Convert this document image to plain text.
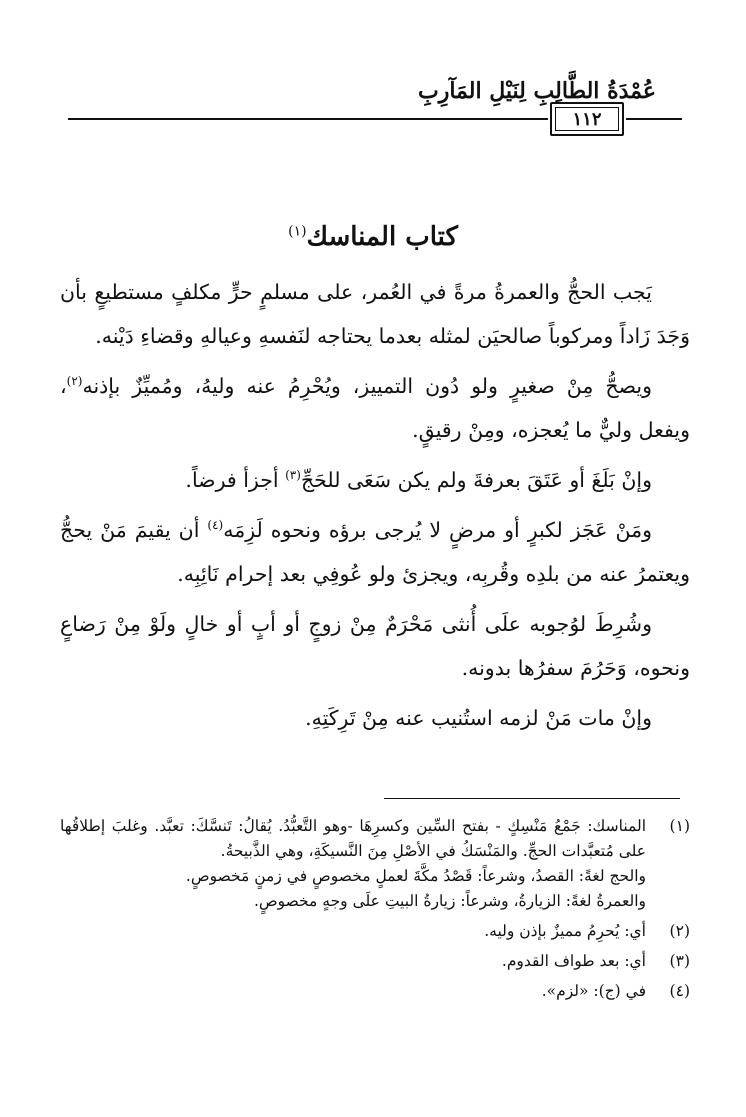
عُمْدَةُ الطَّالِبِ لِنَيْلِ المَآرِبِ
١١٢
كتاب المناسك$^{(١)}$

يَجب الحجُّ والعمرةُ مرةً في العُمر، على مسلمٍ حرٍّ مكلفٍ مستطيعٍ بأن وَجَدَ زَاداً ومركوباً صالحيَن لمثله بعدما يحتاجه لنَفسهِ وعيالهِ وقضاءِ دَيْنه.

ويصحُّ مِنْ صغيرٍ ولو دُون التمييز، ويُحْرِمُ عنه وليهُ، ومُميِّزٌ بإذنه$^{(٢)}$، ويفعل وليٌّ ما يُعجزه، ومِنْ رقيقٍ.

وإنْ بَلَغَ أو عَتَقَ بعرفةَ ولم يكن سَعَى للحَجِّ$^{(٣)}$ أجزأ فرضاً.

ومَنْ عَجَز لكبرٍ أو مرضٍ لا يُرجى برؤه ونحوه لَزِمَه$^{(٤)}$ أن يقيمَ مَنْ يحجُّ ويعتمرُ عنه من بلدِه وقُربِه، ويجزئ ولو عُوفِي بعد إحرام نَائِبِه.

وشُرِطَ لوُجوبه علَى أُنثى مَحْرَمٌ مِنْ زوجٍ أو أبٍ أو خالٍ ولَوْ مِنْ رَضاعٍ ونحوه، وَحَرُمَ سفرُها بدونه.

وإنْ مات مَنْ لزمه استُنيب عنه مِنْ تَرِكَتِهِ.

(١)

المناسك: جَمْعُ مَنْسِكٍ - بفتح السِّين وكسرِهَا -وهو التَّعبُّدُ. يُقالُ: تَنسَّكَ: تعبَّد. وغلبَ إطلاقُها على مُتعبَّدات الحجِّ. والمَنْسَكُ في الأصْلِ مِنَ النَّسيكَةِ، وهي الذَّبيحةُ.

والحج لغةً: القصدُ، وشرعاً: قَصْدُ مكَّةَ لعملٍ مخصوصٍ في زمنٍ مَخصوصٍ.

والعمرةُ لغةً: الزيارةُ، وشرعاً: زيارةُ البيتِ علَى وجهٍ مخصوصٍ.

(٢)

أي: يُحرِمُ مميزٌ بإذن وليه.

(٣)

أي: بعد طواف القدوم.

(٤)

في (ج): «لزم».
